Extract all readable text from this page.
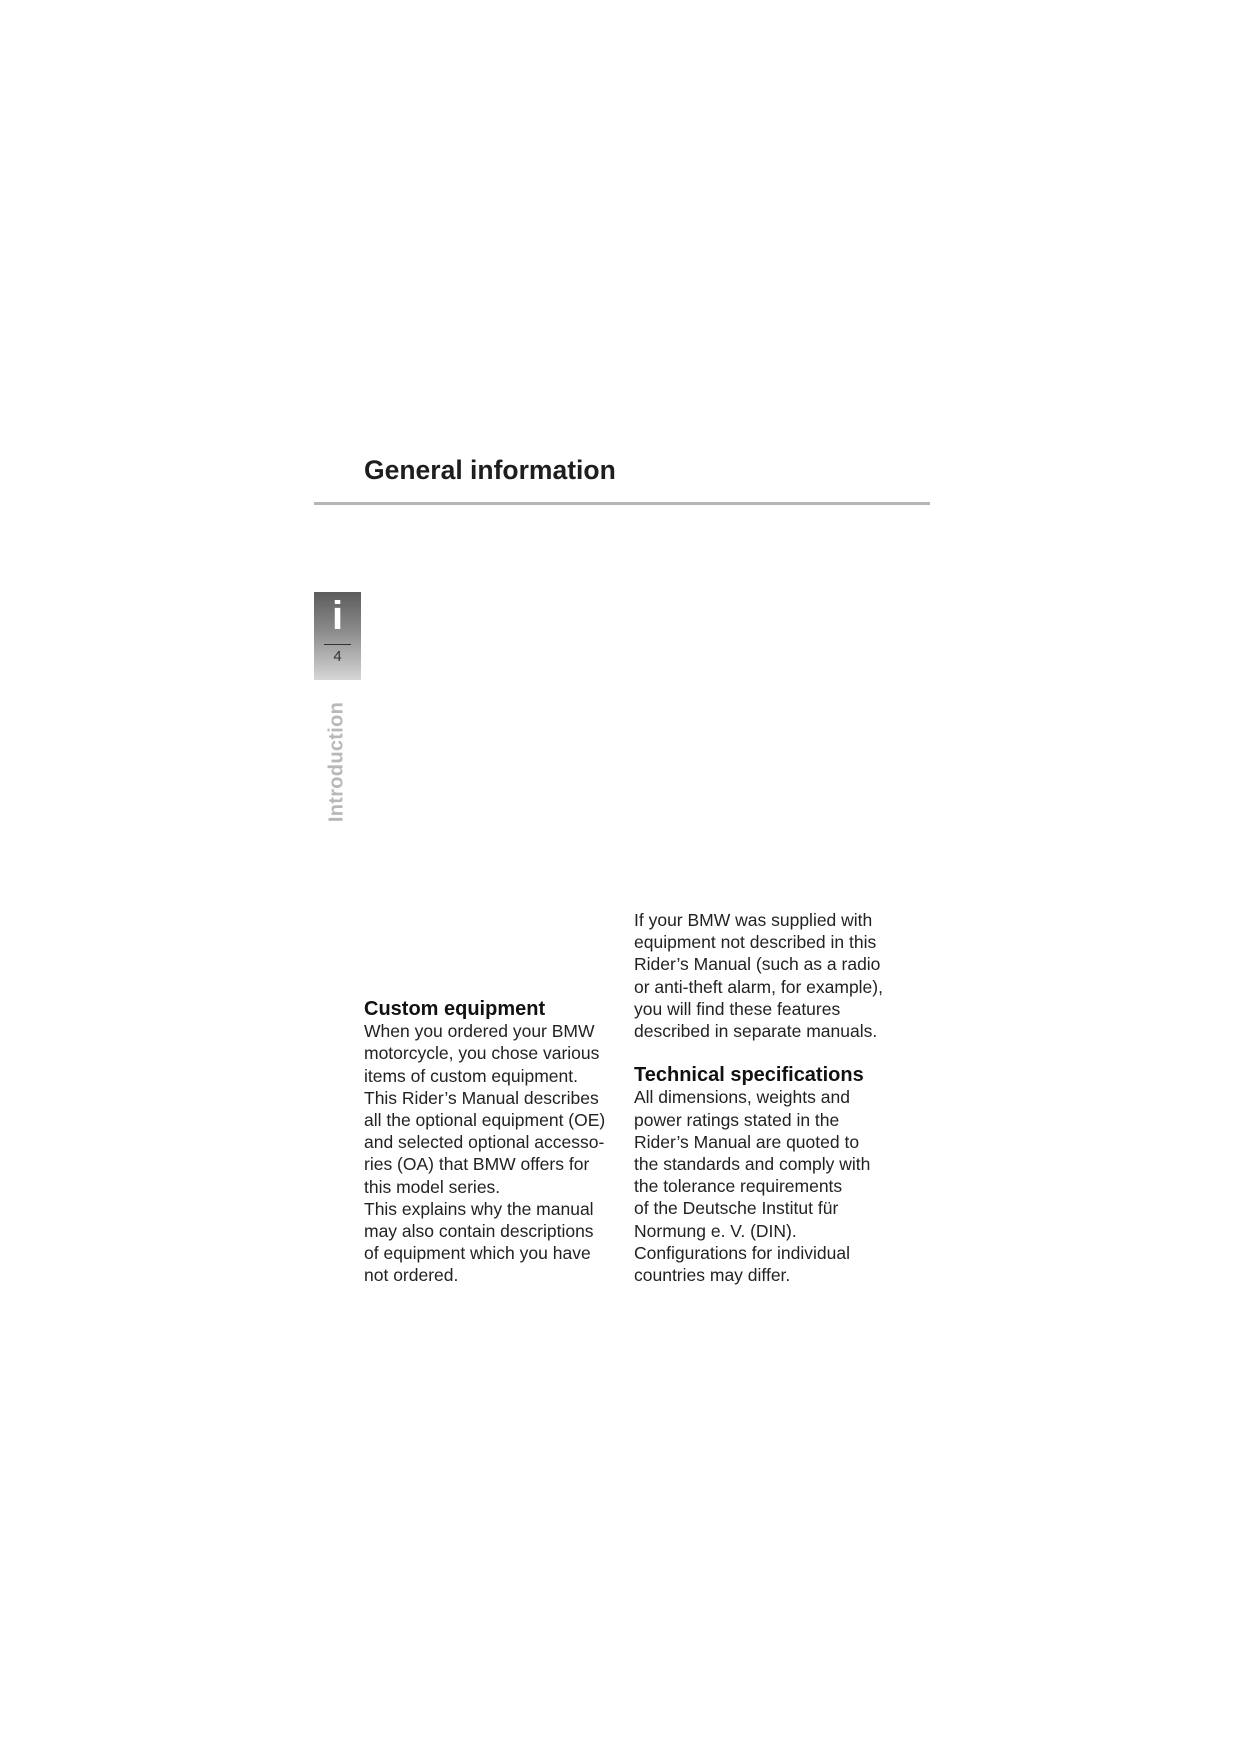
General information
i
4
Introduction
Custom equipment

When you ordered your BMW

motorcycle, you chose various

items of custom equipment.

This Rider’s Manual describes

all the optional equipment (OE)

and selected optional accesso-

ries (OA) that BMW offers for

this model series.

This explains why the manual

may also contain descriptions

of equipment which you have

not ordered.

If your BMW was supplied with

equipment not described in this

Rider’s Manual (such as a radio

or anti-theft alarm, for example),

you will find these features

described in separate manuals.

Technical specifications

All dimensions, weights and

power ratings stated in the

Rider’s Manual are quoted to

the standards and comply with

the tolerance requirements

of the Deutsche Institut für

Normung e. V. (DIN).

Configurations for individual

countries may differ.
